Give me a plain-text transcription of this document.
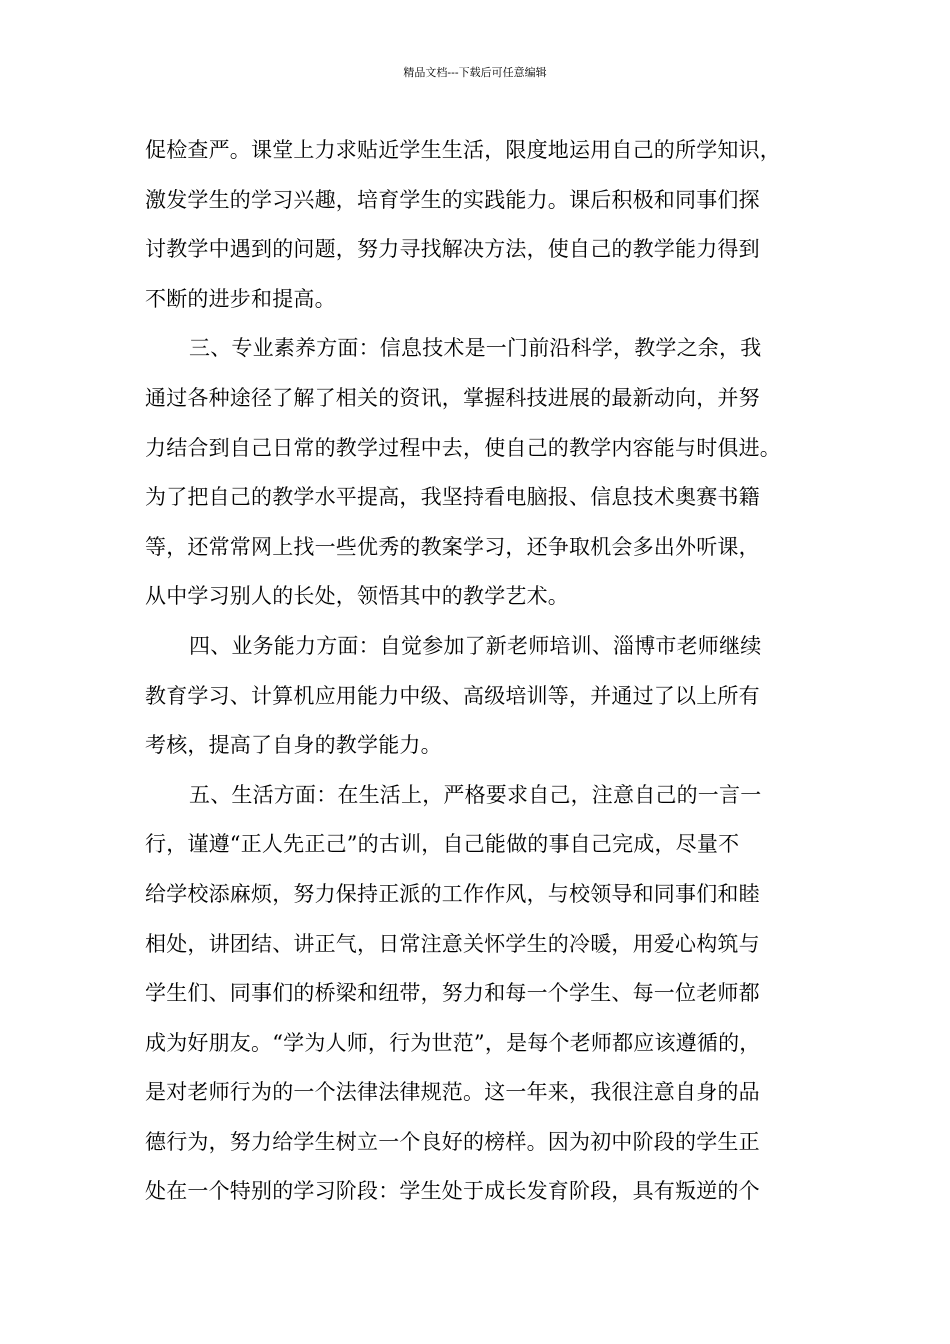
精品文档---下载后可任意编辑
促检查严。课堂上力求贴近学生生活，限度地运用自己的所学知识，
激发学生的学习兴趣，培育学生的实践能力。课后积极和同事们探
讨教学中遇到的问题，努力寻找解决方法，使自己的教学能力得到
不断的进步和提高。
三、专业素养方面：信息技术是一门前沿科学，教学之余，我
通过各种途径了解了相关的资讯，掌握科技进展的最新动向，并努
力结合到自己日常的教学过程中去，使自己的教学内容能与时俱进。
为了把自己的教学水平提高，我坚持看电脑报、信息技术奥赛书籍
等，还常常网上找一些优秀的教案学习，还争取机会多出外听课，
从中学习别人的长处，领悟其中的教学艺术。
四、业务能力方面：自觉参加了新老师培训、淄博市老师继续
教育学习、计算机应用能力中级、高级培训等，并通过了以上所有
考核，提高了自身的教学能力。
五、生活方面：在生活上，严格要求自己，注意自己的一言一
行，谨遵“正人先正己”的古训，自己能做的事自己完成，尽量不
给学校添麻烦，努力保持正派的工作作风，与校领导和同事们和睦
相处，讲团结、讲正气，日常注意关怀学生的冷暖，用爱心构筑与
学生们、同事们的桥梁和纽带，努力和每一个学生、每一位老师都
成为好朋友。“学为人师，行为世范”，是每个老师都应该遵循的，
是对老师行为的一个法律法律规范。这一年来，我很注意自身的品
德行为，努力给学生树立一个良好的榜样。因为初中阶段的学生正
处在一个特别的学习阶段：学生处于成长发育阶段，具有叛逆的个
